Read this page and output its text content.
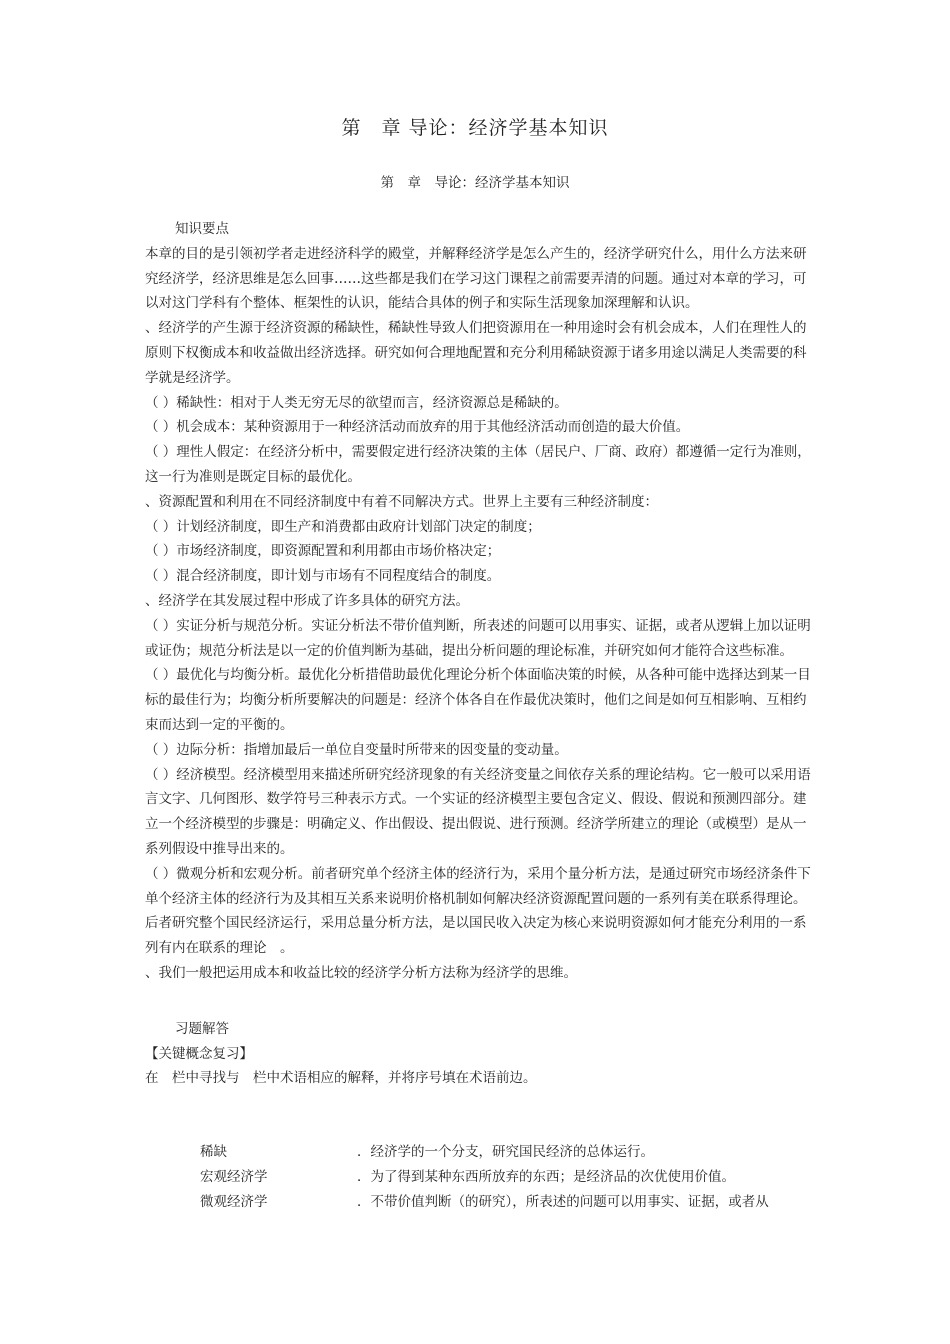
第　章 导论：经济学基本知识
第　章　导论：经济学基本知识

知识要点

本章的目的是引领初学者走进经济科学的殿堂，并解释经济学是怎么产生的，经济学研究什么，用什么方法来研究经济学，经济思维是怎么回事……这些都是我们在学习这门课程之前需要弄清的问题。通过对本章的学习，可以对这门学科有个整体、框架性的认识，能结合具体的例子和实际生活现象加深理解和认识。

、经济学的产生源于经济资源的稀缺性，稀缺性导致人们把资源用在一种用途时会有机会成本，人们在理性人的原则下权衡成本和收益做出经济选择。研究如何合理地配置和充分利用稀缺资源于诸多用途以满足人类需要的科学就是经济学。

（ ）稀缺性：相对于人类无穷无尽的欲望而言，经济资源总是稀缺的。

（ ）机会成本：某种资源用于一种经济活动而放弃的用于其他经济活动而创造的最大价值。

（ ）理性人假定：在经济分析中，需要假定进行经济决策的主体（居民户、厂商、政府）都遵循一定行为准则，这一行为准则是既定目标的最优化。

、资源配置和利用在不同经济制度中有着不同解决方式。世界上主要有三种经济制度：

（ ）计划经济制度，即生产和消费都由政府计划部门决定的制度；

（ ）市场经济制度，即资源配置和利用都由市场价格决定；

（ ）混合经济制度，即计划与市场有不同程度结合的制度。

、经济学在其发展过程中形成了许多具体的研究方法。

（ ）实证分析与规范分析。实证分析法不带价值判断，所表述的问题可以用事实、证据，或者从逻辑上加以证明或证伪；规范分析法是以一定的价值判断为基础，提出分析问题的理论标准，并研究如何才能符合这些标准。

（ ）最优化与均衡分析。最优化分析措借助最优化理论分析个体面临决策的时候，从各种可能中选择达到某一目标的最佳行为；均衡分析所要解决的问题是：经济个体各自在作最优决策时，他们之间是如何互相影响、互相约束而达到一定的平衡的。

（ ）边际分析：指增加最后一单位自变量时所带来的因变量的变动量。

（ ）经济模型。经济模型用来描述所研究经济现象的有关经济变量之间依存关系的理论结构。它一般可以采用语言文字、几何图形、数学符号三种表示方式。一个实证的经济模型主要包含定义、假设、假说和预测四部分。建立一个经济模型的步骤是：明确定义、作出假设、提出假说、进行预测。经济学所建立的理论（或模型）是从一系列假设中推导出来的。

（ ）微观分析和宏观分析。前者研究单个经济主体的经济行为，采用个量分析方法，是通过研究市场经济条件下单个经济主体的经济行为及其相互关系来说明价格机制如何解决经济资源配置问题的一系列有美在联系得理论。后者研究整个国民经济运行，采用总量分析方法，是以国民收入决定为核心来说明资源如何才能充分利用的一系列有内在联系的理论　。

、我们一般把运用成本和收益比较的经济学分析方法称为经济学的思维。

习题解答

【关键概念复习】

在　栏中寻找与　栏中术语相应的解释，并将序号填在术语前边。

稀缺	．经济学的一个分支，研究国民经济的总体运行。
宏观经济学	．为了得到某种东西所放弃的东西；是经济品的次优使用价值。
微观经济学	．不带价值判断（的研究），所表述的问题可以用事实、证据，或者从
